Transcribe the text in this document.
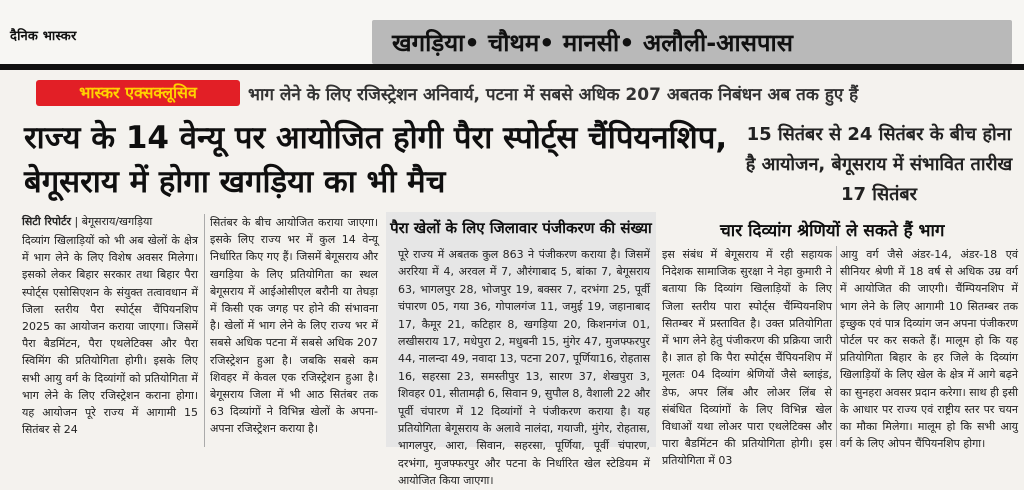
दैनिक भास्कर	खगड़िया• चौथम• मानसी• अलौली-आसपास
भास्कर एक्सक्लूसिव	भाग लेने के लिए रजिस्ट्रेशन अनिवार्य, पटना में सबसे अधिक 207 अबतक निबंधन अब तक हुए हैं
राज्य के 14 वेन्यू पर आयोजित होगी पैरा स्पोर्ट्स चैंपियनशिप, बेगूसराय में होगा खगड़िया का भी मैच
15 सितंबर से 24 सितंबर के बीच होना है आयोजन, बेगूसराय में संभावित तारीख 17 सितंबर
सिटी रिपोर्टर | बेगूसराय/खगड़िया
दिव्यांग खिलाड़ियों को भी अब खेलों के क्षेत्र में भाग लेने के लिए विशेष अवसर मिलेगा। इसको लेकर बिहार सरकार तथा बिहार पैरा स्पोर्ट्स एसोसिएशन के संयुक्त तत्वावधान में जिला स्तरीय पैरा स्पोर्ट्स चैंपियनशिप 2025 का आयोजन कराया जाएगा। जिसमें पैरा बैडमिंटन, पैरा एथलेटिक्स और पैरा स्विमिंग की प्रतियोगिता होगी। इसके लिए सभी आयु वर्ग के दिव्यांगों को प्रतियोगिता में भाग लेने के लिए रजिस्ट्रेशन कराना होगा। यह आयोजन पूरे राज्य में आगामी 15 सितंबर से 24
सितंबर के बीच आयोजित कराया जाएगा। इसके लिए राज्य भर में कुल 14 वेन्यू निर्धारित किए गए हैं। जिसमें बेगूसराय और खगड़िया के लिए प्रतियोगिता का स्थल बेगूसराय में आईओसीएल बरौनी या तेघड़ा में किसी एक जगह पर होने की संभावना है। खेलों में भाग लेने के लिए राज्य भर में सबसे अधिक पटना में सबसे अधिक 207 रजिस्ट्रेशन हुआ है। जबकि सबसे कम शिवहर में केवल एक रजिस्ट्रेशन हुआ है। बेगूसराय जिला में भी आठ सितंबर तक 63 दिव्यांगों ने विभिन्न खेलों के अपना-अपना रजिस्ट्रेशन कराया है।
पैरा खेलों के लिए जिलावार पंजीकरण की संख्या
पूरे राज्य में अबतक कुल 863 ने पंजीकरण कराया है। जिसमें अररिया में 4, अरवल में 7, औरंगाबाद 5, बांका 7, बेगूसराय 63, भागलपुर 28, भोजपुर 19, बक्सर 7, दरभंगा 25, पूर्वी चंपारण 05, गया 36, गोपालगंज 11, जमुई 19, जहानाबाद 17, कैमूर 21, कटिहार 8, खगड़िया 20, किशनगंज 01, लखीसराय 17, मधेपुरा 2, मधुबनी 15, मुंगेर 47, मुजफ्फरपुर 44, नालन्दा 49, नवादा 13, पटना 207, पूर्णिया16, रोहतास 16, सहरसा 23, समस्तीपुर 13, सारण 37, शेखपुरा 3, शिवहर 01, सीतामढ़ी 6, सिवान 9, सुपौल 8, वैशाली 22 और पूर्वी चंपारण में 12 दिव्यांगों ने पंजीकरण कराया है। यह प्रतियोगिता बेगूसराय के अलावे नालंदा, गयाजी, मुंगेर, रोहतास, भागलपुर, आरा, सिवान, सहरसा, पूर्णिया, पूर्वी चंपारण, दरभंगा, मुजफ्फरपुर और पटना के निर्धारित खेल स्टेडियम में आयोजित किया जाएगा।
चार दिव्यांग श्रेणियों ले सकते हैं भाग
इस संबंध में बेगूसराय में रही सहायक निदेशक सामाजिक सुरक्षा ने नेहा कुमारी ने बताया कि दिव्यांग खिलाड़ियों के लिए जिला स्तरीय पारा स्पोर्ट्स चैंम्पियनशिप सितम्बर में प्रस्तावित है। उक्त प्रतियोगिता में भाग लेने हेतु पंजीकरण की प्रक्रिया जारी है। ज्ञात हो कि पैरा स्पोर्ट्स चैंपियनशिप में मूलतः 04 दिव्यांग श्रेणियों जैसे ब्लाइंड, डेफ, अपर लिंब और लोअर लिंब से संबंधित दिव्यांगों के लिए विभिन्न खेल विधाओं यथा लोअर पारा एथलेटिक्स और पारा बैडमिंटन की प्रतियोगिता होगी। इस प्रतियोगिता में 03
आयु वर्ग जैसे अंडर-14, अंडर-18 एवं सीनियर श्रेणी में 18 वर्ष से अधिक उम्र वर्ग में आयोजित की जाएगी। चैंम्पियनशिप में भाग लेने के लिए आगामी 10 सितम्बर तक इच्छुक एवं पात्र दिव्यांग जन अपना पंजीकरण पोर्टल पर कर सकते हैं। मालूम हो कि यह प्रतियोगिता बिहार के हर जिले के दिव्यांग खिलाड़ियों के लिए खेल के क्षेत्र में आगे बढ़ने का सुनहरा अवसर प्रदान करेगा। साथ ही इसी के आधार पर राज्य एवं राष्ट्रीय स्तर पर चयन का मौका मिलेगा। मालूम हो कि सभी आयु वर्ग के लिए ओपन चैंपियनशिप होगा।
